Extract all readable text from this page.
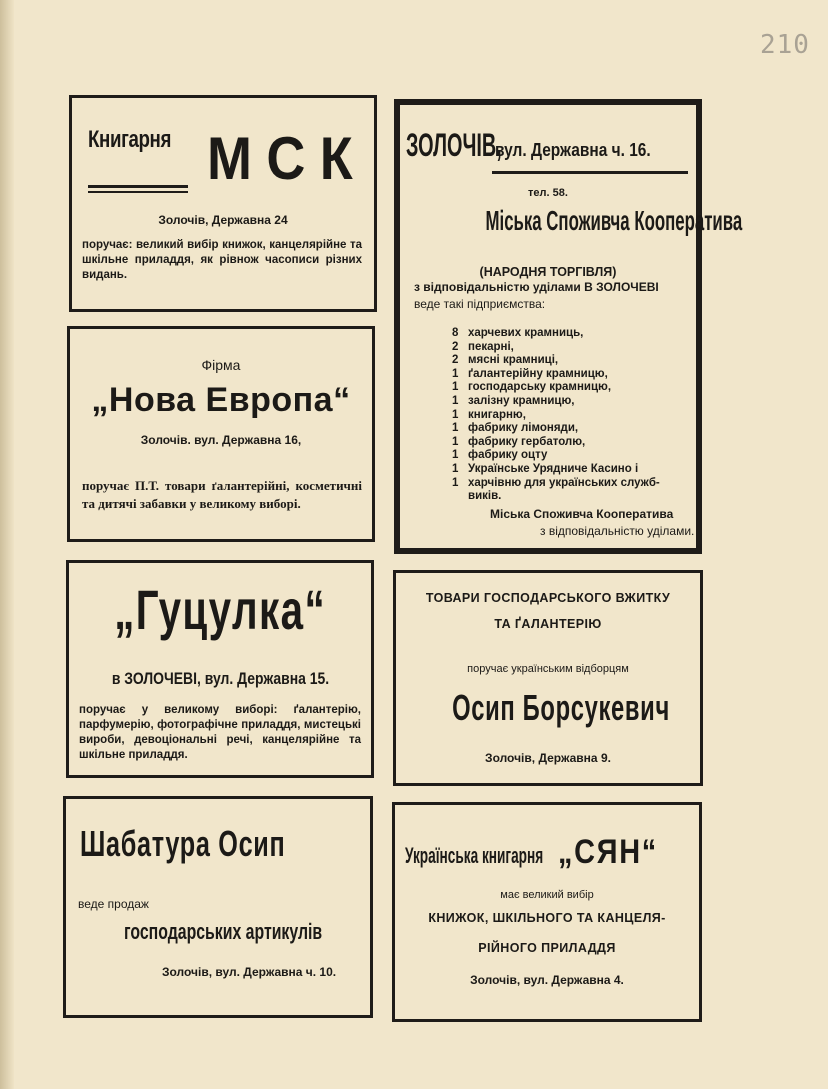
210
Книгарня МСК
Золочів, Державна 24
поручає: великий вибір книжок, канцелярійне та шкільне приладдя, як рівнож часописи різних видань.
ЗОЛОЧІВ, вул. Державна ч. 16.
тел. 58.
Міська Споживча Кооператива
(НАРОДНЯ ТОРГІВЛЯ)
з відповідальністю уділами В ЗОЛОЧЕВІ
веде такі підприємства:
8 харчевих крамниць,
2 пекарні,
2 мясні крамниці,
1 ґалантерійну крамницю,
1 господарську крамницю,
1 залізну крамницю,
1 книгарню,
1 фабрику лімоняди,
1 фабрику гербатолю,
1 фабрику оцту
1 Українське Урядниче Касино і
1 харчівню для українських служб-
виків.
Міська Споживча Кооператива
з відповідальністю уділами.
Фірма
„Нова Европа“
Золочів. вул. Державна 16,
поручає П.Т. товари ґалантерійні, косметичні та дитячі забавки у великому виборі.
ТОВАРИ ГОСПОДАРСЬКОГО ВЖИТКУ
ТА ҐАЛАНТЕРІЮ
поручає українським відборцям
Осип Борсукевич
Золочів, Державна 9.
„Гуцулка“
в ЗОЛОЧЕВІ, вул. Державна 15.
поручає у великому виборі: ґалантерію, парфумерію, фотографічне приладдя, мистецькі вироби, девоціональні речі, канцелярійне та шкільне приладдя.
Шабатура Осип
веде продаж
господарських артикулів
Золочів, вул. Державна ч. 10.
Українська книгарня „СЯН“
має великий вибір
КНИЖОК, ШКІЛЬНОГО ТА КАНЦЕЛЯ-
РІЙНОГО ПРИЛАДДЯ
Золочів, вул. Державна 4.
